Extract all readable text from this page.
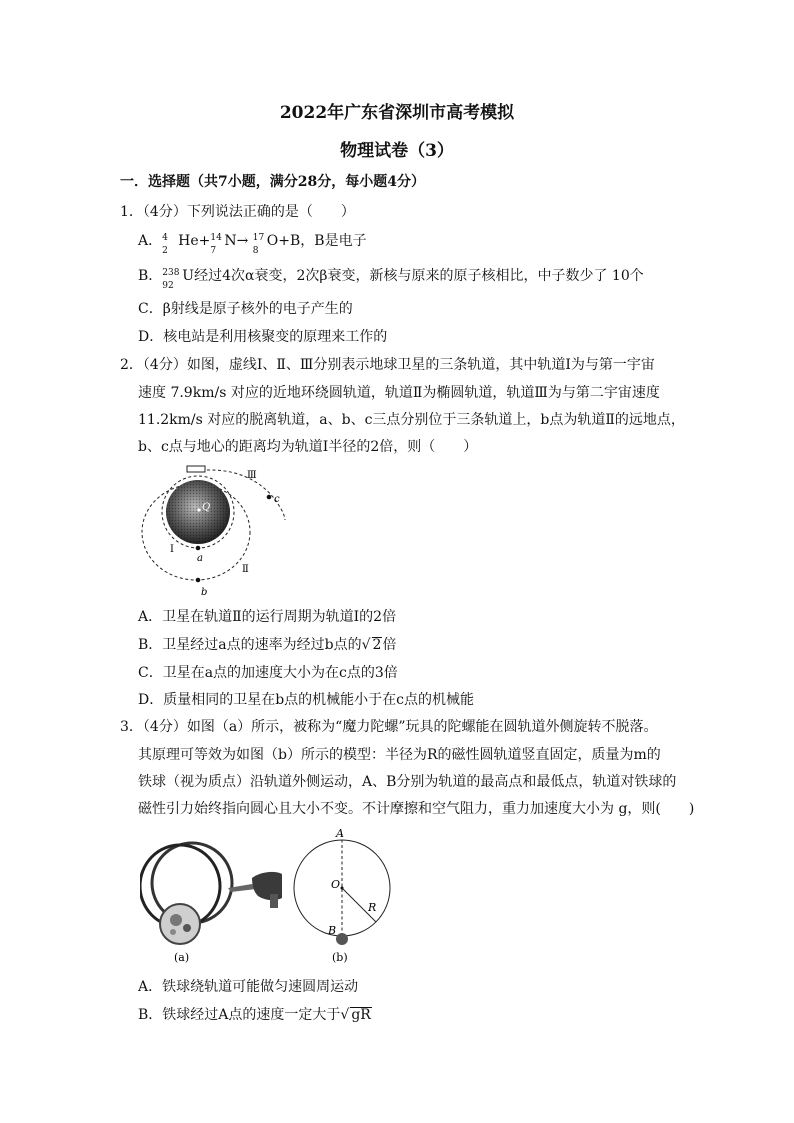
2022年广东省深圳市高考模拟
物理试卷（3）
一．选择题（共7小题，满分28分，每小题4分）
1．（4分）下列说法正确的是（　　）
A． 4
2
He+ 14
7
N→ 17
8
O+B，B是电子
B． 238
92
U经过4次α衰变，2次β衰变，新核与原来的原子核相比，中子数少了 10个
C．β射线是原子核外的电子产生的
D．核电站是利用核聚变的原理来工作的
2．（4分）如图，虚线Ⅰ、Ⅱ、Ⅲ分别表示地球卫星的三条轨道，其中轨道Ⅰ为与第一宇宙
速度 7.9km/s 对应的近地环绕圆轨道，轨道Ⅱ为椭圆轨道，轨道Ⅲ为与第二宇宙速度
11.2km/s 对应的脱离轨道，a、b、c三点分别位于三条轨道上，b点为轨道Ⅱ的远地点，
b、c点与地心的距离均为轨道Ⅰ半径的2倍，则（　　）
Q
Ⅲ
c
Ⅰ
a
Ⅱ
b
A．卫星在轨道Ⅱ的运行周期为轨道Ⅰ的2倍
B．卫星经过a点的速率为经过b点的√ 2倍
C．卫星在a点的加速度大小为在c点的3倍
D．质量相同的卫星在b点的机械能小于在c点的机械能
3．（4分）如图（a）所示，被称为“魔力陀螺”玩具的陀螺能在圆轨道外侧旋转不脱落。
其原理可等效为如图（b）所示的模型：半径为R的磁性圆轨道竖直固定，质量为m的
铁球（视为质点）沿轨道外侧运动，A、B分别为轨道的最高点和最低点，轨道对铁球的
磁性引力始终指向圆心且大小不变。不计摩擦和空气阻力，重力加速度大小为 g，则(　　)
(a)
A
O
R
B
(b)
A．铁球绕轨道可能做匀速圆周运动
B．铁球经过A点的速度一定大于√ gR
